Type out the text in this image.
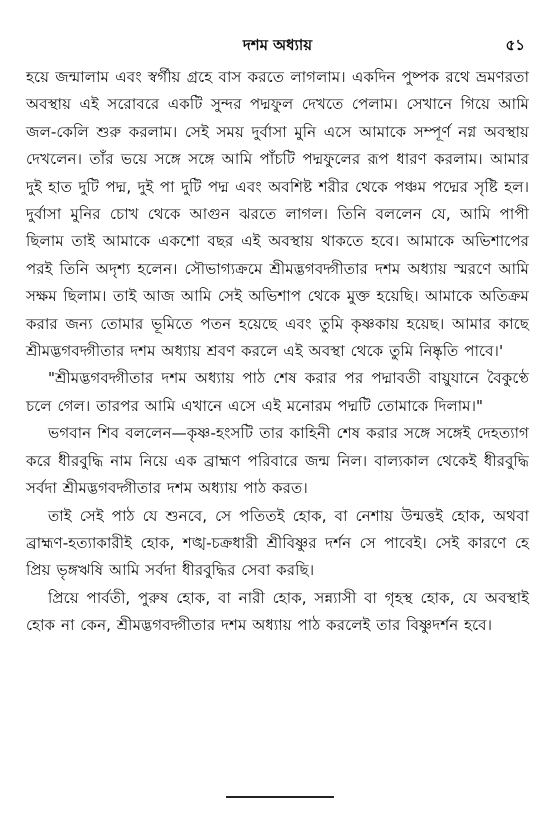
দশম অধ্যায়	৫১

হয়ে জন্মালাম এবং স্বর্গীয় গ্রহে বাস করতে লাগলাম। একদিন পুষ্পক রথে ভ্রমণরতা অবস্থায় এই সরোবরে একটি সুন্দর পদ্মফুল দেখতে পেলাম। সেখানে গিয়ে আমি জল-কেলি শুরু করলাম। সেই সময় দুর্বাসা মুনি এসে আমাকে সম্পূর্ণ নগ্ন অবস্থায় দেখলেন। তাঁর ভয়ে সঙ্গে সঙ্গে আমি পাঁচটি পদ্মফুলের রূপ ধারণ করলাম। আমার দুই হাত দুটি পদ্ম, দুই পা দুটি পদ্ম এবং অবশিষ্ট শরীর থেকে পঞ্চম পদ্মের সৃষ্টি হল। দুর্বাসা মুনির চোখ থেকে আগুন ঝরতে লাগল। তিনি বললেন যে, আমি পাপী ছিলাম তাই আমাকে একশো বছর এই অবস্থায় থাকতে হবে। আমাকে অভিশাপের পরই তিনি অদৃশ্য হলেন। সৌভাগ্যক্রমে শ্রীমদ্ভগবদ্গীতার দশম অধ্যায় স্মরণে আমি সক্ষম ছিলাম। তাই আজ আমি সেই অভিশাপ থেকে মুক্ত হয়েছি। আমাকে অতিক্রম করার জন্য তোমার ভূমিতে পতন হয়েছে এবং তুমি কৃষ্ণকায় হয়েছ। আমার কাছে শ্রীমদ্ভগবদ্গীতার দশম অধ্যায় শ্রবণ করলে এই অবস্থা থেকে তুমি নিষ্কৃতি পাবে।'

"শ্রীমদ্ভগবদ্গীতার দশম অধ্যায় পাঠ শেষ করার পর পদ্মাবতী বায়ুযানে বৈকুণ্ঠে চলে গেল। তারপর আমি এখানে এসে এই মনোরম পদ্মটি তোমাকে দিলাম।"

ভগবান শিব বললেন—কৃষ্ণ-হংসটি তার কাহিনী শেষ করার সঙ্গে সঙ্গেই দেহত্যাগ করে ধীরবুদ্ধি নাম নিয়ে এক ব্রাহ্মণ পরিবারে জন্ম নিল। বাল্যকাল থেকেই ধীরবুদ্ধি সর্বদা শ্রীমদ্ভগবদ্গীতার দশম অধ্যায় পাঠ করত।

তাই সেই পাঠ যে শুনবে, সে পতিতই হোক, বা নেশায় উন্মত্তই হোক, অথবা ব্রাহ্মণ-হত্যাকারীই হোক, শঙ্খ-চক্রধারী শ্রীবিষ্ণুর দর্শন সে পাবেই। সেই কারণে হে প্রিয় ভৃঙ্গঋষি আমি সর্বদা ধীরবুদ্ধির সেবা করছি।

প্রিয়ে পার্বতী, পুরুষ হোক, বা নারী হোক, সন্ন্যাসী বা গৃহস্থ হোক, যে অবস্থাই হোক না কেন, শ্রীমদ্ভগবদ্গীতার দশম অধ্যায় পাঠ করলেই তার বিষ্ণুদর্শন হবে।
